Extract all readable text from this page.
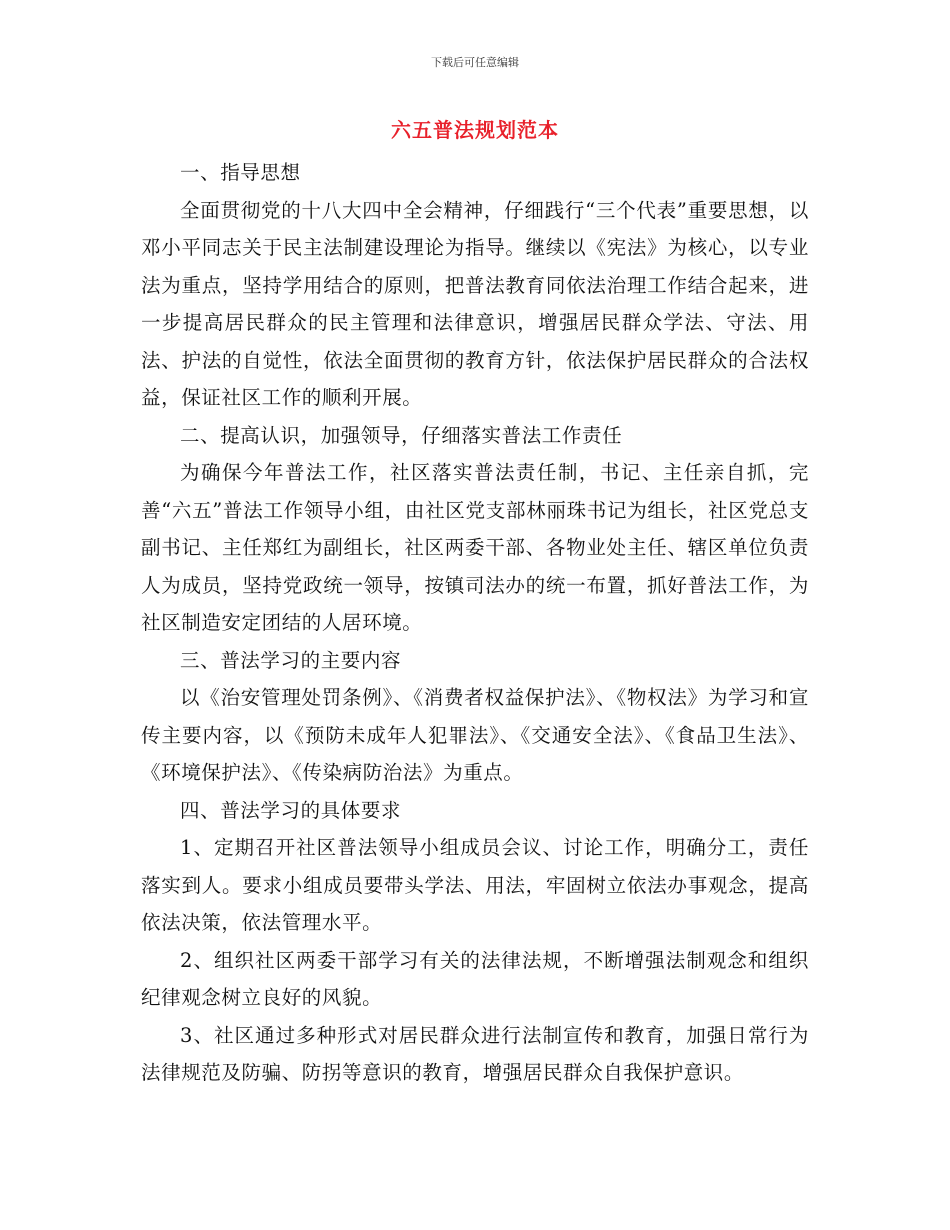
下载后可任意编辑
六五普法规划范本

一、指导思想

全面贯彻党的十八大四中全会精神，仔细践行“三个代表”重要思想，以邓小平同志关于民主法制建设理论为指导。继续以《宪法》为核心，以专业法为重点，坚持学用结合的原则，把普法教育同依法治理工作结合起来，进一步提高居民群众的民主管理和法律意识，增强居民群众学法、守法、用法、护法的自觉性，依法全面贯彻的教育方针，依法保护居民群众的合法权益，保证社区工作的顺利开展。

二、提高认识，加强领导，仔细落实普法工作责任

为确保今年普法工作，社区落实普法责任制，书记、主任亲自抓，完善“六五”普法工作领导小组，由社区党支部林丽珠书记为组长，社区党总支副书记、主任郑红为副组长，社区两委干部、各物业处主任、辖区单位负责人为成员，坚持党政统一领导，按镇司法办的统一布置，抓好普法工作，为社区制造安定团结的人居环境。

三、普法学习的主要内容

以《治安管理处罚条例》、《消费者权益保护法》、《物权法》为学习和宣传主要内容，以《预防未成年人犯罪法》、《交通安全法》、《食品卫生法》、《环境保护法》、《传染病防治法》为重点。

四、普法学习的具体要求

1、定期召开社区普法领导小组成员会议、讨论工作，明确分工，责任落实到人。要求小组成员要带头学法、用法，牢固树立依法办事观念，提高依法决策，依法管理水平。

2、组织社区两委干部学习有关的法律法规，不断增强法制观念和组织纪律观念树立良好的风貌。

3、社区通过多种形式对居民群众进行法制宣传和教育，加强日常行为法律规范及防骗、防拐等意识的教育，增强居民群众自我保护意识。
